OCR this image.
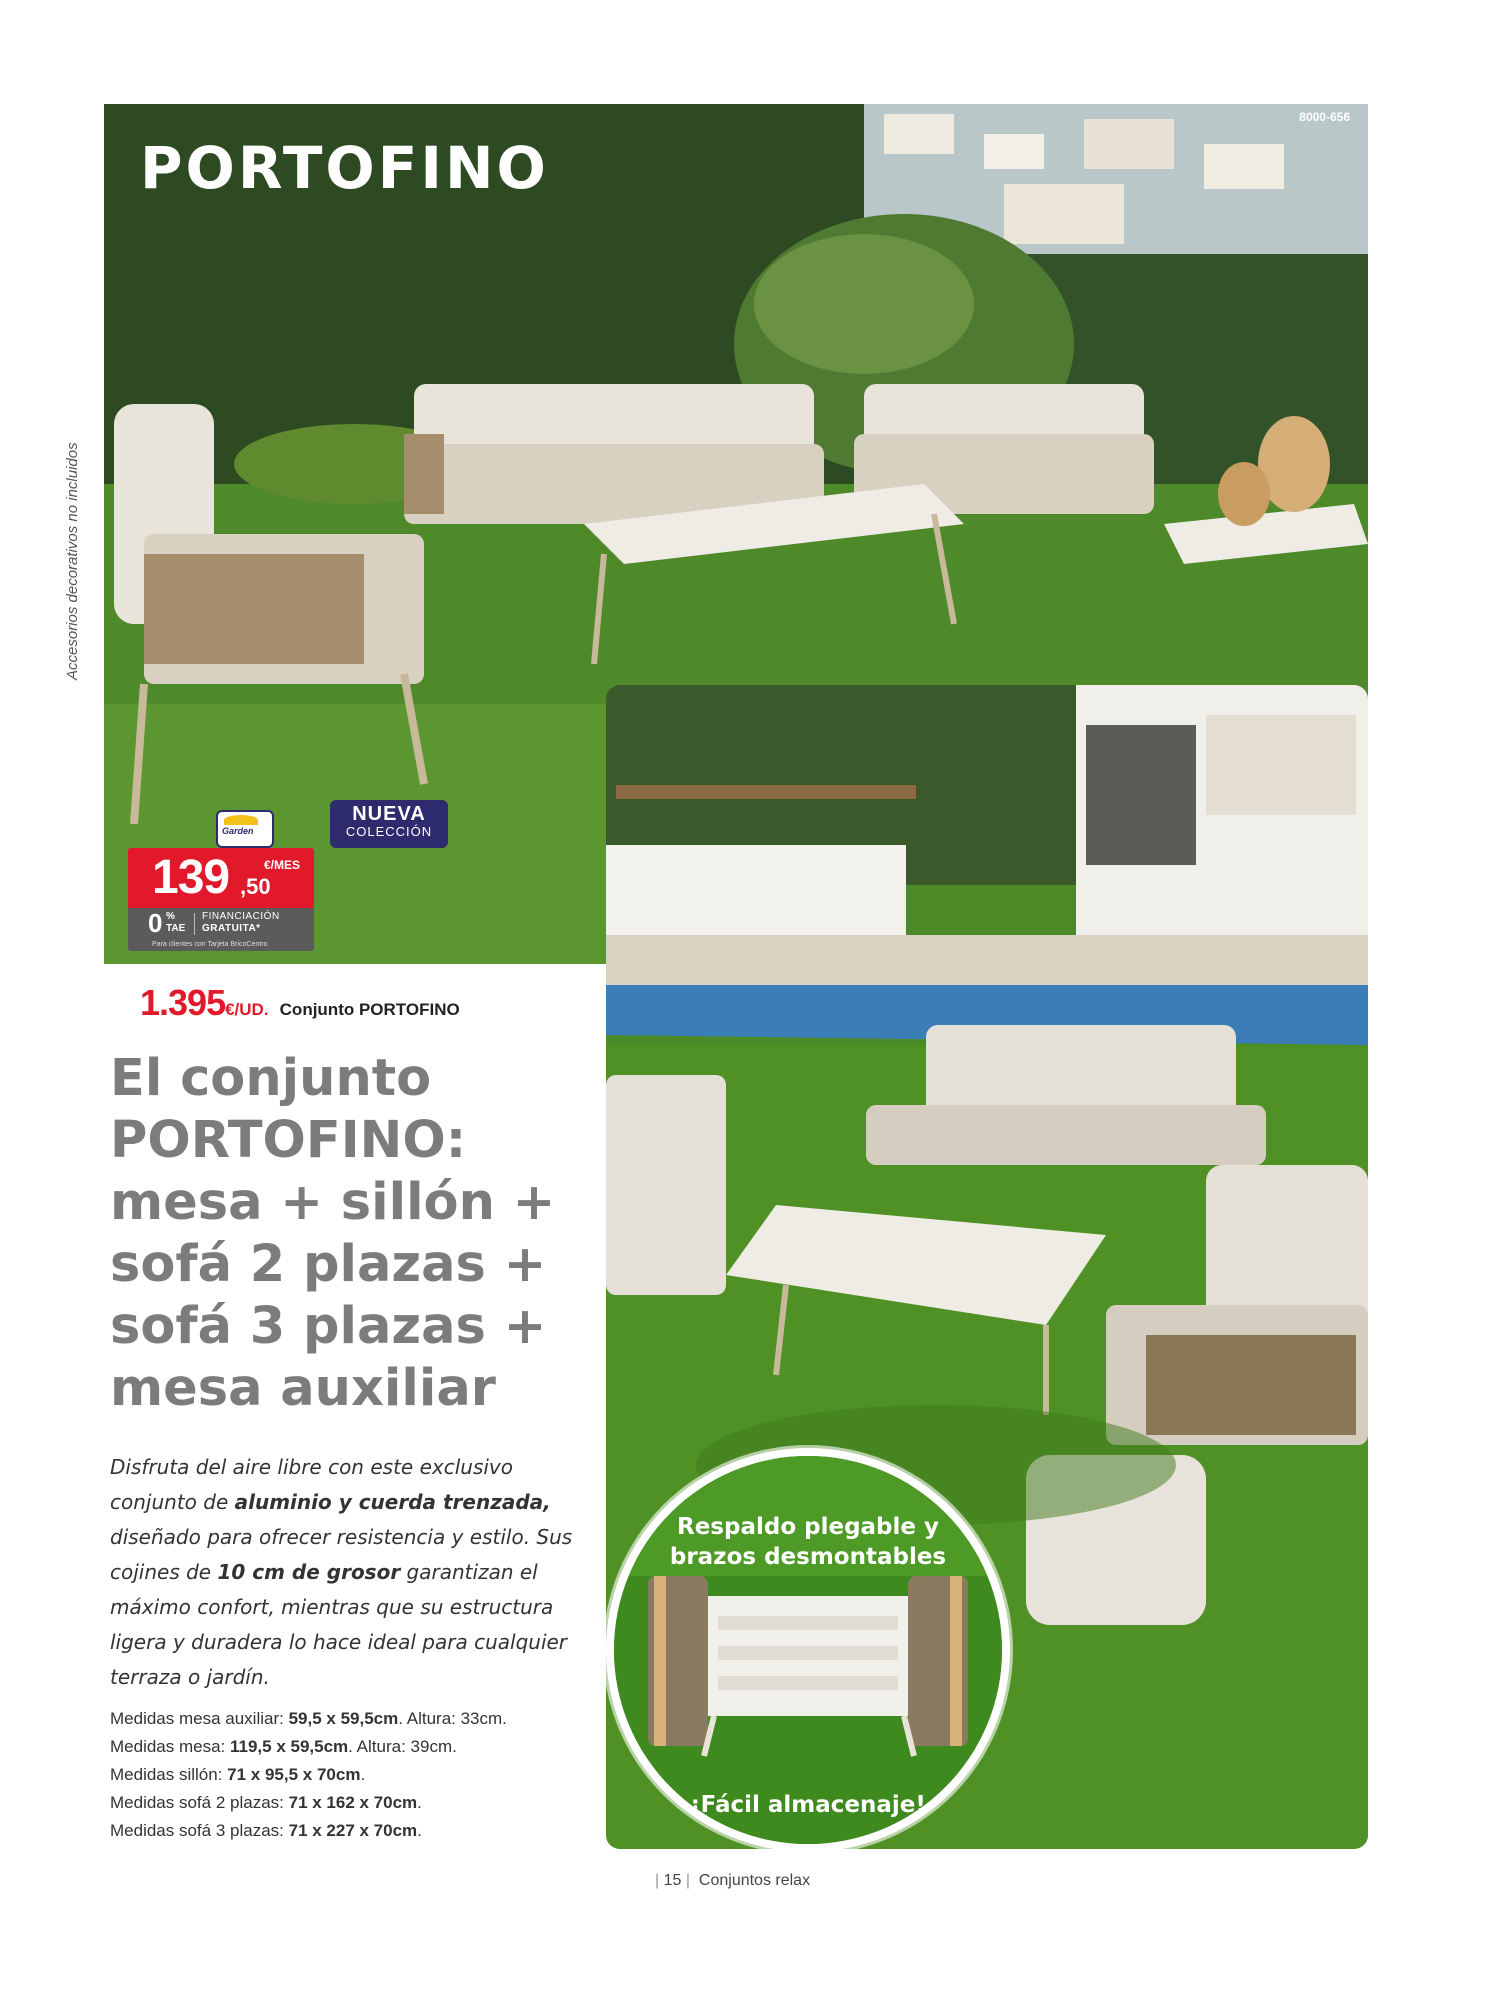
Accesorios decorativos no incluidos
PORTOFINO
8000-656
139	€/MES
,50
0 %
TAE
FINANCIACIÓN
GRATUITA*
Para clientes con Tarjeta BricoCentro
Garden
NUEVA
COLECCIÓN
1.395€/UD. Conjunto PORTOFINO
El conjunto
PORTOFINO:
mesa + sillón +
sofá 2 plazas +
sofá 3 plazas +
mesa auxiliar
Disfruta del aire libre con este exclusivo conjunto de aluminio y cuerda trenzada, diseñado para ofrecer resistencia y estilo. Sus cojines de 10 cm de grosor garantizan el máximo confort, mientras que su estructura ligera y duradera lo hace ideal para cualquier terraza o jardín.
Medidas mesa auxiliar: 59,5 x 59,5cm. Altura: 33cm.
Medidas mesa: 119,5 x 59,5cm. Altura: 39cm.
Medidas sillón: 71 x 95,5 x 70cm.
Medidas sofá 2 plazas: 71 x 162 x 70cm.
Medidas sofá 3 plazas: 71 x 227 x 70cm.
Respaldo plegable y
brazos desmontables
¡Fácil almacenaje!
| 15 | Conjuntos relax
